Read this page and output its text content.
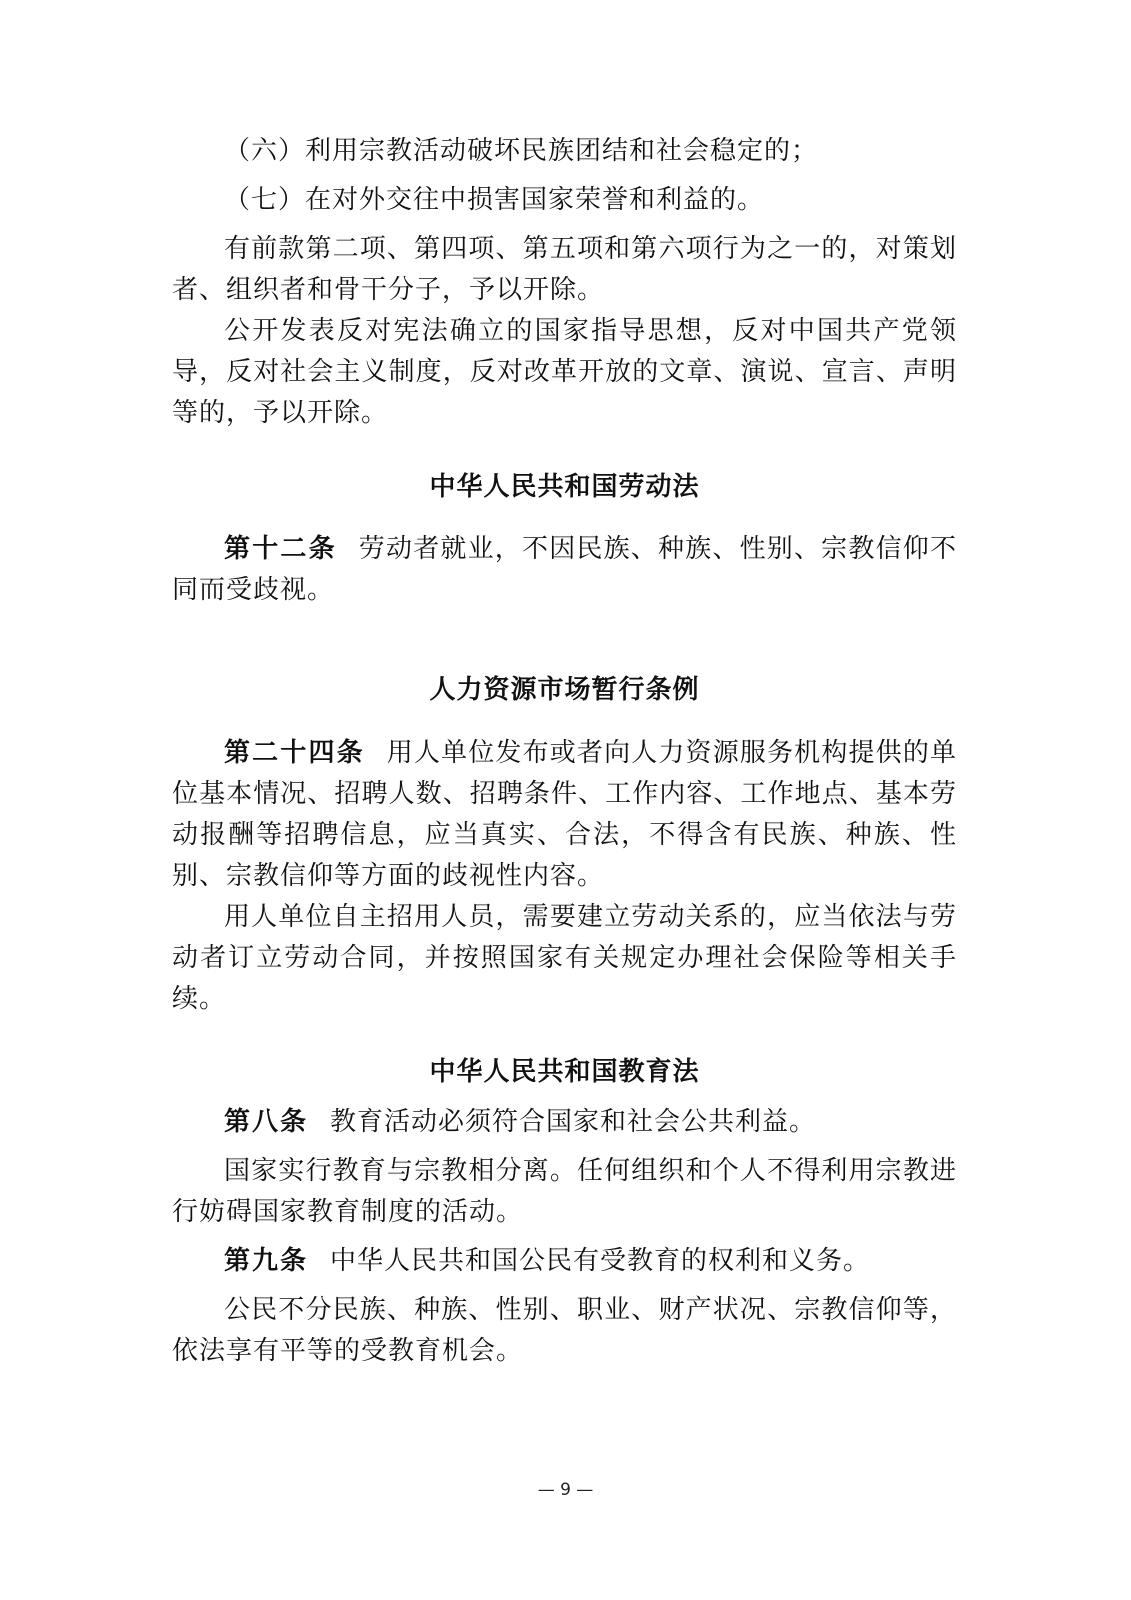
（六）利用宗教活动破坏民族团结和社会稳定的；

（七）在对外交往中损害国家荣誉和利益的。

有前款第二项、第四项、第五项和第六项行为之一的，对策划者、组织者和骨干分子，予以开除。

公开发表反对宪法确立的国家指导思想，反对中国共产党领导，反对社会主义制度，反对改革开放的文章、演说、宣言、声明等的，予以开除。

中华人民共和国劳动法

第十二条 劳动者就业，不因民族、种族、性别、宗教信仰不同而受歧视。

人力资源市场暂行条例

第二十四条 用人单位发布或者向人力资源服务机构提供的单位基本情况、招聘人数、招聘条件、工作内容、工作地点、基本劳动报酬等招聘信息，应当真实、合法，不得含有民族、种族、性别、宗教信仰等方面的歧视性内容。

用人单位自主招用人员，需要建立劳动关系的，应当依法与劳动者订立劳动合同，并按照国家有关规定办理社会保险等相关手续。

中华人民共和国教育法

第八条 教育活动必须符合国家和社会公共利益。

国家实行教育与宗教相分离。任何组织和个人不得利用宗教进行妨碍国家教育制度的活动。

第九条 中华人民共和国公民有受教育的权利和义务。

公民不分民族、种族、性别、职业、财产状况、宗教信仰等，依法享有平等的受教育机会。

— 9 —
